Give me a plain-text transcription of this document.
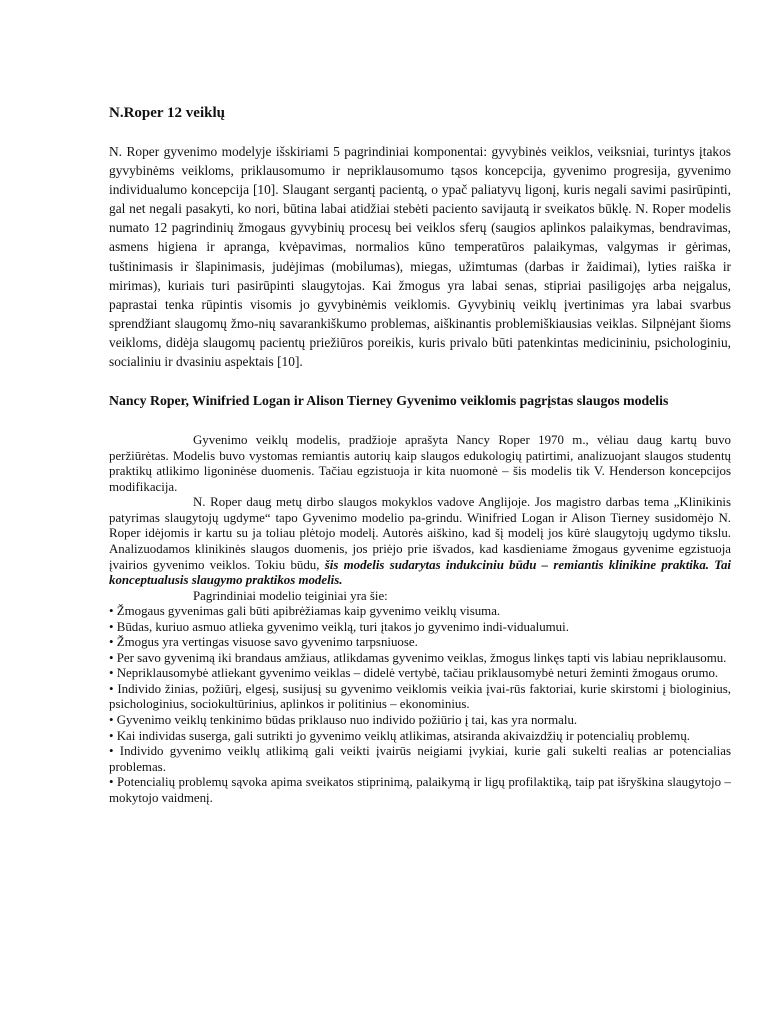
N.Roper 12 veiklų

N. Roper gyvenimo modelyje išskiriami 5 pagrindiniai komponentai: gyvybinės veiklos, veiksniai, turintys įtakos gyvybinėms veikloms, priklausomumo ir nepriklausomumo tąsos koncepcija, gyvenimo progresija, gyvenimo individualumo koncepcija [10]. Slaugant sergantį pacientą, o ypač paliatyvų ligonį, kuris negali savimi pasirūpinti, gal net negali pasakyti, ko nori, būtina labai atidžiai stebėti paciento savijautą ir sveikatos būklę. N. Roper modelis numato 12 pagrindinių žmogaus gyvybinių procesų bei veiklos sferų (saugios aplinkos palaikymas, bendravimas, asmens higiena ir apranga, kvėpavimas, normalios kūno temperatūros palaikymas, valgymas ir gėrimas, tuštinimasis ir šlapinimasis, judėjimas (mobilumas), miegas, užimtumas (darbas ir žaidimai), lyties raiška ir mirimas), kuriais turi pasirūpinti slaugytojas. Kai žmogus yra labai senas, stipriai pasiligojęs arba neįgalus, paprastai tenka rūpintis visomis jo gyvybinėmis veiklomis. Gyvybinių veiklų įvertinimas yra labai svarbus sprendžiant slaugomų žmo-nių savarankiškumo problemas, aiškinantis problemiškiausias veiklas. Silpnėjant šioms veikloms, didėja slaugomų pacientų priežiūros poreikis, kuris privalo būti patenkintas medicininiu, psichologiniu, socialiniu ir dvasiniu aspektais [10].

Nancy Roper, Winifried Logan ir Alison Tierney Gyvenimo veiklomis pagrįstas slaugos modelis

Gyvenimo veiklų modelis, pradžioje aprašyta Nancy Roper 1970 m., vėliau daug kartų buvo peržiūrėtas. Modelis buvo vystomas remiantis autorių kaip slaugos edukologių patirtimi, analizuojant slaugos studentų praktikų atlikimo ligoninėse duomenis. Tačiau egzistuoja ir kita nuomonė – šis modelis tik V. Henderson koncepcijos modifikacija.

N. Roper daug metų dirbo slaugos mokyklos vadove Anglijoje. Jos magistro darbas tema „Klinikinis patyrimas slaugytojų ugdyme“ tapo Gyvenimo modelio pa-grindu. Winifried Logan ir Alison Tierney susidomėjo N. Roper idėjomis ir kartu su ja toliau plėtojo modelį. Autorės aiškino, kad šį modelį jos kūrė slaugytojų ugdymo tikslu. Analizuodamos klinikinės slaugos duomenis, jos priėjo prie išvados, kad kasdieniame žmogaus gyvenime egzistuoja įvairios gyvenimo veiklos. Tokiu būdu, šis modelis sudarytas indukciniu būdu – remiantis klinikine praktika. Tai konceptualusis slaugymo praktikos modelis.

Pagrindiniai modelio teiginiai yra šie:

• Žmogaus gyvenimas gali būti apibrėžiamas kaip gyvenimo veiklų visuma.

• Būdas, kuriuo asmuo atlieka gyvenimo veiklą, turi įtakos jo gyvenimo indi-vidualumui.

• Žmogus yra vertingas visuose savo gyvenimo tarpsniuose.

• Per savo gyvenimą iki brandaus amžiaus, atlikdamas gyvenimo veiklas, žmogus linkęs tapti vis labiau nepriklausomu.

• Nepriklausomybė atliekant gyvenimo veiklas – didelė vertybė, tačiau priklausomybė neturi žeminti žmogaus orumo.

• Individo žinias, požiūrį, elgesį, susijusį su gyvenimo veiklomis veikia įvai-rūs faktoriai, kurie skirstomi į biologinius, psichologinius, sociokultūrinius, aplinkos ir politinius – ekonominius.

• Gyvenimo veiklų tenkinimo būdas priklauso nuo individo požiūrio į tai, kas yra normalu.

• Kai individas suserga, gali sutrikti jo gyvenimo veiklų atlikimas, atsiranda akivaizdžių ir potencialių problemų.

• Individo gyvenimo veiklų atlikimą gali veikti įvairūs neigiami įvykiai, kurie gali sukelti realias ar potencialias problemas.

• Potencialių problemų sąvoka apima sveikatos stiprinimą, palaikymą ir ligų profilaktiką, taip pat išryškina slaugytojo – mokytojo vaidmenį.
